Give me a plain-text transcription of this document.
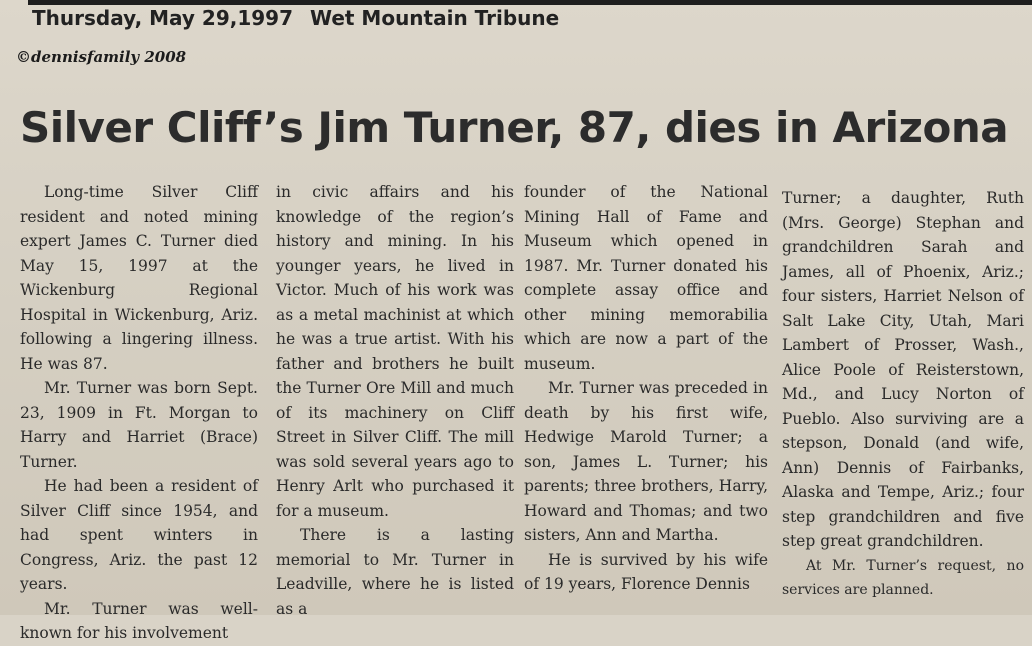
Thursday, May 29,1997 Wet Mountain Tribune
©dennisfamily 2008
Silver Cliff’s Jim Turner, 87, dies in Arizona

Long-time Silver Cliff resident and noted mining expert James C. Turner died May 15, 1997 at the Wickenburg Regional Hospital in Wickenburg, Ariz. following a lingering illness. He was 87.

Mr. Turner was born Sept. 23, 1909 in Ft. Morgan to Harry and Harriet (Brace) Turner.

He had been a resident of Silver Cliff since 1954, and had spent winters in Congress, Ariz. the past 12 years.

Mr. Turner was well-known for his involvement

in civic affairs and his knowledge of the region’s history and mining. In his younger years, he lived in Victor. Much of his work was as a metal machinist at which he was a true artist. With his father and brothers he built the Turner Ore Mill and much of its machinery on Cliff Street in Silver Cliff. The mill was sold several years ago to Henry Arlt who purchased it for a museum.

There is a lasting memorial to Mr. Turner in Leadville, where he is listed as a

founder of the National Mining Hall of Fame and Museum which opened in 1987. Mr. Turner donated his complete assay office and other mining memorabilia which are now a part of the museum.

Mr. Turner was preceded in death by his first wife, Hedwige Marold Turner; a son, James L. Turner; his parents; three brothers, Harry, Howard and Thomas; and two sisters, Ann and Martha.

He is survived by his wife of 19 years, Florence Dennis

Turner; a daughter, Ruth (Mrs. George) Stephan and grandchildren Sarah and James, all of Phoenix, Ariz.; four sisters, Harriet Nelson of Salt Lake City, Utah, Mari Lambert of Prosser, Wash., Alice Poole of Reisterstown, Md., and Lucy Norton of Pueblo. Also surviving are a stepson, Donald (and wife, Ann) Dennis of Fairbanks, Alaska and Tempe, Ariz.; four step grandchildren and five step great grandchildren.

At Mr. Turner’s request, no services are planned.
